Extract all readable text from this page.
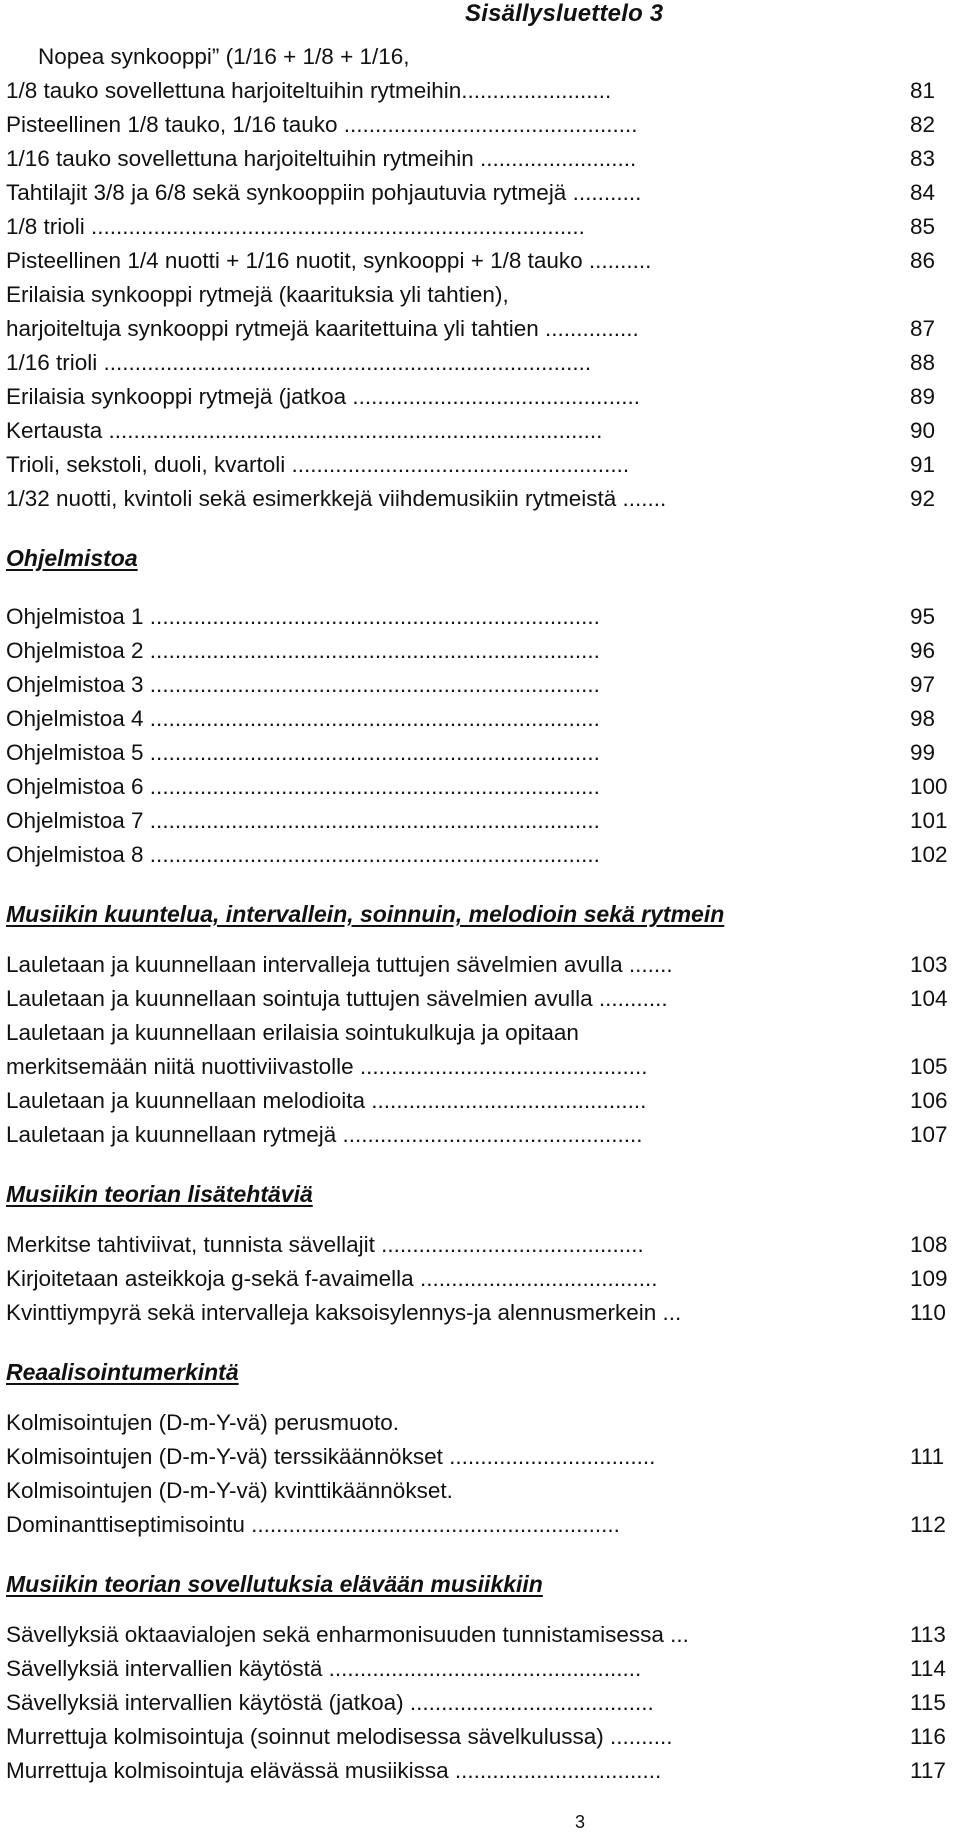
Sisällysluettelo 3
Nopea synkooppi” (1/16 + 1/8 + 1/16,
1/8 tauko sovellettuna harjoiteltuihin rytmeihin........................	81
Pisteellinen 1/8 tauko, 1/16 tauko ...............................................	82
1/16 tauko sovellettuna harjoiteltuihin rytmeihin .........................	83
Tahtilajit 3/8 ja 6/8 sekä synkooppiin pohjautuvia rytmejä ...........	84
1/8 trioli ...............................................................................	85
Pisteellinen 1/4 nuotti + 1/16 nuotit, synkooppi + 1/8 tauko ..........	86
Erilaisia synkooppi rytmejä (kaarituksia yli tahtien),
harjoiteltuja synkooppi rytmejä kaaritettuina yli tahtien ...............	87
1/16 trioli ..............................................................................	88
Erilaisia synkooppi rytmejä (jatkoa ..............................................	89
Kertausta ...............................................................................	90
Trioli, sekstoli, duoli, kvartoli ......................................................	91
1/32 nuotti, kvintoli sekä esimerkkejä viihdemusikiin rytmeistä .......	92
Ohjelmistoa
Ohjelmistoa 1 ........................................................................	95
Ohjelmistoa 2 ........................................................................	96
Ohjelmistoa 3 ........................................................................	97
Ohjelmistoa 4 ........................................................................	98
Ohjelmistoa 5 ........................................................................	99
Ohjelmistoa 6 ........................................................................	100
Ohjelmistoa 7 ........................................................................	101
Ohjelmistoa 8 ........................................................................	102
Musiikin kuuntelua, intervallein, soinnuin, melodioin sekä rytmein
Lauletaan ja kuunnellaan intervalleja tuttujen sävelmien avulla .......	103
Lauletaan ja kuunnellaan sointuja tuttujen sävelmien avulla ...........	104
Lauletaan ja kuunnellaan erilaisia sointukulkuja ja opitaan
merkitsemään niitä nuottiviivastolle ..............................................	105
Lauletaan ja kuunnellaan melodioita ............................................	106
Lauletaan ja kuunnellaan rytmejä ................................................	107
Musiikin teorian lisätehtäviä
Merkitse tahtiviivat, tunnista sävellajit ..........................................	108
Kirjoitetaan asteikkoja g-sekä f-avaimella ......................................	109
Kvinttiympyrä sekä intervalleja kaksoisylennys-ja alennusmerkein ...	110
Reaalisointumerkintä
Kolmisointujen (D-m-Y-vä) perusmuoto.
Kolmisointujen (D-m-Y-vä) terssikäännökset .................................	111
Kolmisointujen (D-m-Y-vä) kvinttikäännökset.
Dominanttiseptimisointu ...........................................................	112
Musiikin teorian sovellutuksia elävään musiikkiin
Sävellyksiä oktaavialojen sekä enharmonisuuden tunnistamisessa ...	113
Sävellyksiä intervallien käytöstä ..................................................	114
Sävellyksiä intervallien käytöstä (jatkoa) .......................................	115
Murrettuja kolmisointuja (soinnut melodisessa sävelkulussa) ..........	116
Murrettuja kolmisointuja elävässä musiikissa .................................	117
3
